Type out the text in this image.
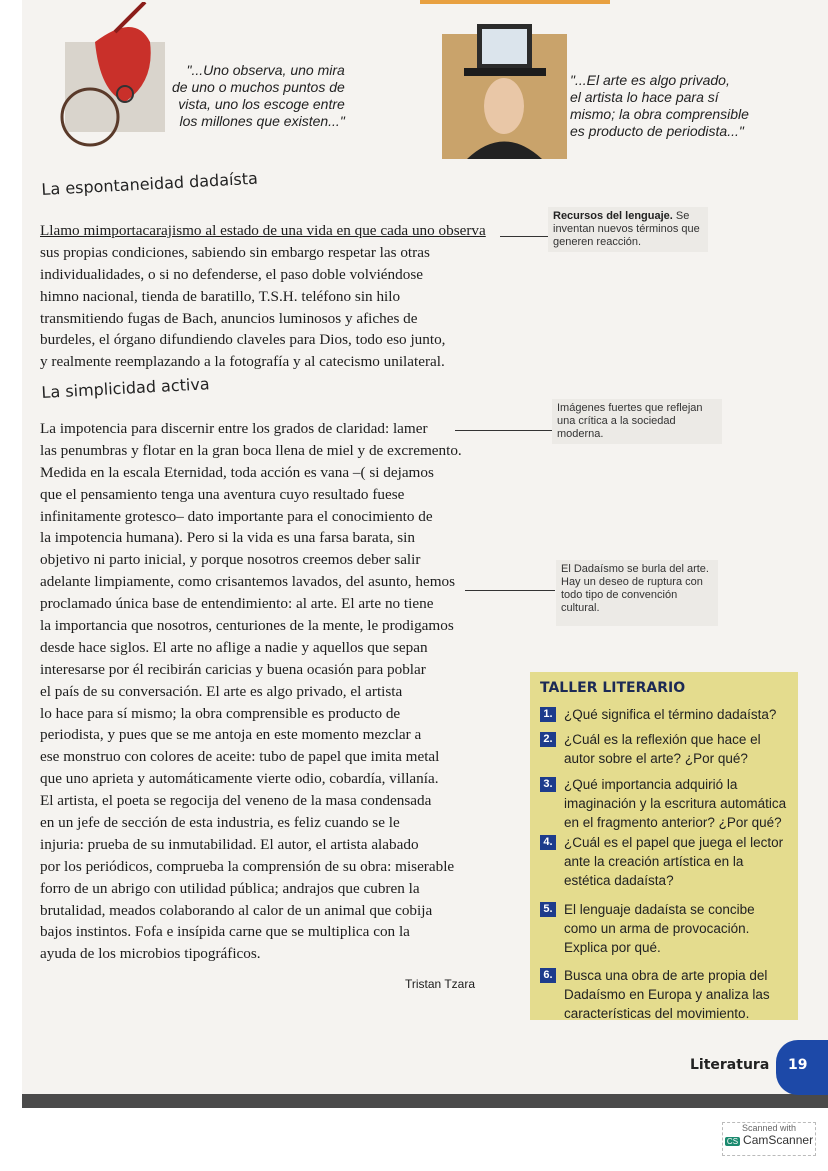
"...Uno observa, uno mira
de uno o muchos puntos de
vista, uno los escoge entre
los millones que existen..."
"...El arte es algo privado,
el artista lo hace para sí
mismo; la obra comprensible
es producto de periodista..."
La espontaneidad dadaísta
Llamo mimportacarajismo al estado de una vida en que cada uno observa
sus propias condiciones, sabiendo sin embargo respetar las otras
individualidades, o si no defenderse, el paso doble volviéndose
himno nacional, tienda de baratillo, T.S.H. teléfono sin hilo
transmitiendo fugas de Bach, anuncios luminosos y afiches de
burdeles, el órgano difundiendo claveles para Dios, todo eso junto,
y realmente reemplazando a la fotografía y al catecismo unilateral.
La simplicidad activa
La impotencia para discernir entre los grados de claridad: lamer
las penumbras y flotar en la gran boca llena de miel y de excremento.
Medida en la escala Eternidad, toda acción es vana –( si dejamos
que el pensamiento tenga una aventura cuyo resultado fuese
infinitamente grotesco– dato importante para el conocimiento de
la impotencia humana). Pero si la vida es una farsa barata, sin
objetivo ni parto inicial, y porque nosotros creemos deber salir
adelante limpiamente, como crisantemos lavados, del asunto, hemos
proclamado única base de entendimiento: al arte. El arte no tiene
la importancia que nosotros, centuriones de la mente, le prodigamos
desde hace siglos. El arte no aflige a nadie y aquellos que sepan
interesarse por él recibirán caricias y buena ocasión para poblar
el país de su conversación. El arte es algo privado, el artista
lo hace para sí mismo; la obra comprensible es producto de
periodista, y pues que se me antoja en este momento mezclar a
ese monstruo con colores de aceite: tubo de papel que imita metal
que uno aprieta y automáticamente vierte odio, cobardía, villanía.
El artista, el poeta se regocija del veneno de la masa condensada
en un jefe de sección de esta industria, es feliz cuando se le
injuria: prueba de su inmutabilidad. El autor, el artista alabado
por los periódicos, comprueba la comprensión de su obra: miserable
forro de un abrigo con utilidad pública; andrajos que cubren la
brutalidad, meados colaborando al calor de un animal que cobija
bajos instintos. Fofa e insípida carne que se multiplica con la
ayuda de los microbios tipográficos.
Recursos del lenguaje. Se inventan nuevos términos que generen reacción.
Imágenes fuertes que reflejan una crítica a la sociedad moderna.
El Dadaísmo se burla del arte. Hay un deseo de ruptura con todo tipo de convención cultural.
Tristan Tzara
TALLER LITERARIO
1. ¿Qué significa el término dadaísta?
2. ¿Cuál es la reflexión que hace el autor sobre el arte? ¿Por qué?
3. ¿Qué importancia adquirió la imaginación y la escritura automática en el fragmento anterior? ¿Por qué?
4. ¿Cuál es el papel que juega el lector ante la creación artística en la estética dadaísta?
5. El lenguaje dadaísta se concibe como un arma de provocación. Explica por qué.
6. Busca una obra de arte propia del Dadaísmo en Europa y analiza las características del movimiento.
Literatura	19
Scanned with
CS CamScanner
